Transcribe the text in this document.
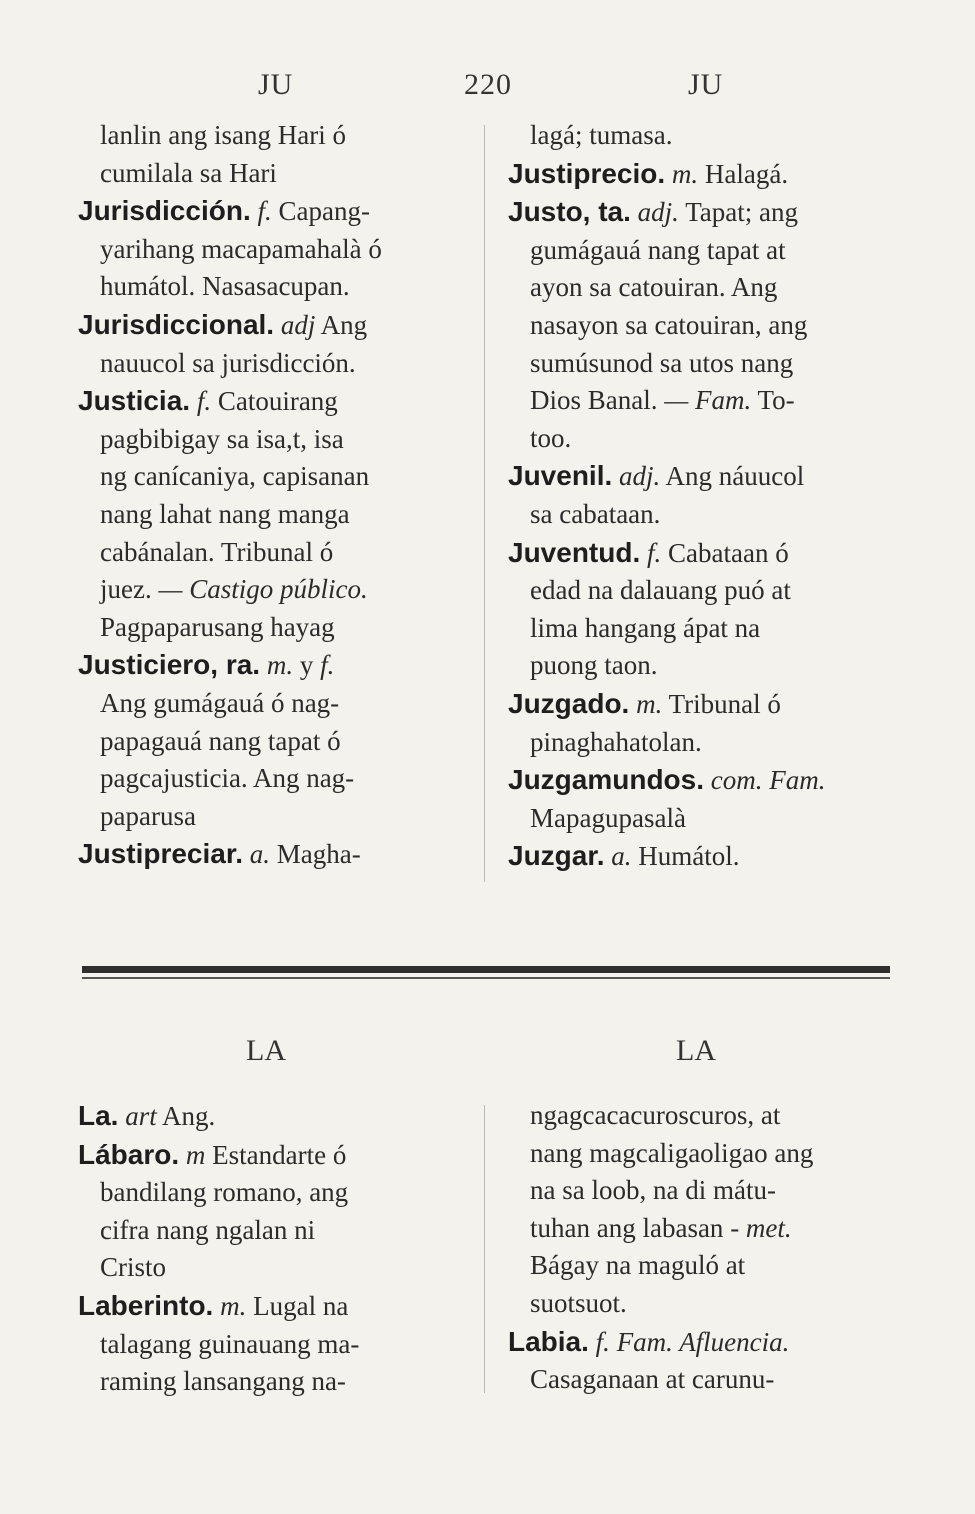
JU	220	JU

lanlin ang isang Hari ó

cumilala sa Hari

Jurisdicción. f. Capang-

yarihang macapamahalà ó

humátol. Nasasacupan.

Jurisdiccional. adj Ang

nauucol sa jurisdicción.

Justicia. f. Catouirang

pagbibigay sa isa,t, isa

ng canícaniya, capisanan

nang lahat nang manga

cabánalan. Tribunal ó

juez. — Castigo público.

Pagpaparusang hayag

Justiciero, ra. m. y f.

Ang gumágauá ó nag-

papagauá nang tapat ó

pagcajusticia. Ang nag-

paparusa

Justipreciar. a. Magha-

lagá; tumasa.

Justiprecio. m. Halagá.

Justo, ta. adj. Tapat; ang

gumágauá nang tapat at

ayon sa catouiran. Ang

nasayon sa catouiran, ang

sumúsunod sa utos nang

Dios Banal. — Fam. To-

too.

Juvenil. adj. Ang náuucol

sa cabataan.

Juventud. f. Cabataan ó

edad na dalauang puó at

lima hangang ápat na

puong taon.

Juzgado. m. Tribunal ó

pinaghahatolan.

Juzgamundos. com. Fam.

Mapagupasalà

Juzgar. a. Humátol.

LA	LA

La. art Ang.

Lábaro. m Estandarte ó

bandilang romano, ang

cifra nang ngalan ni

Cristo

Laberinto. m. Lugal na

talagang guinauang ma-

raming lansangang na-

ngagcacacuroscuros, at

nang magcaligaoligao ang

na sa loob, na di mátu-

tuhan ang labasan - met.

Bágay na maguló at

suotsuot.

Labia. f. Fam. Afluencia.

Casaganaan at carunu-
